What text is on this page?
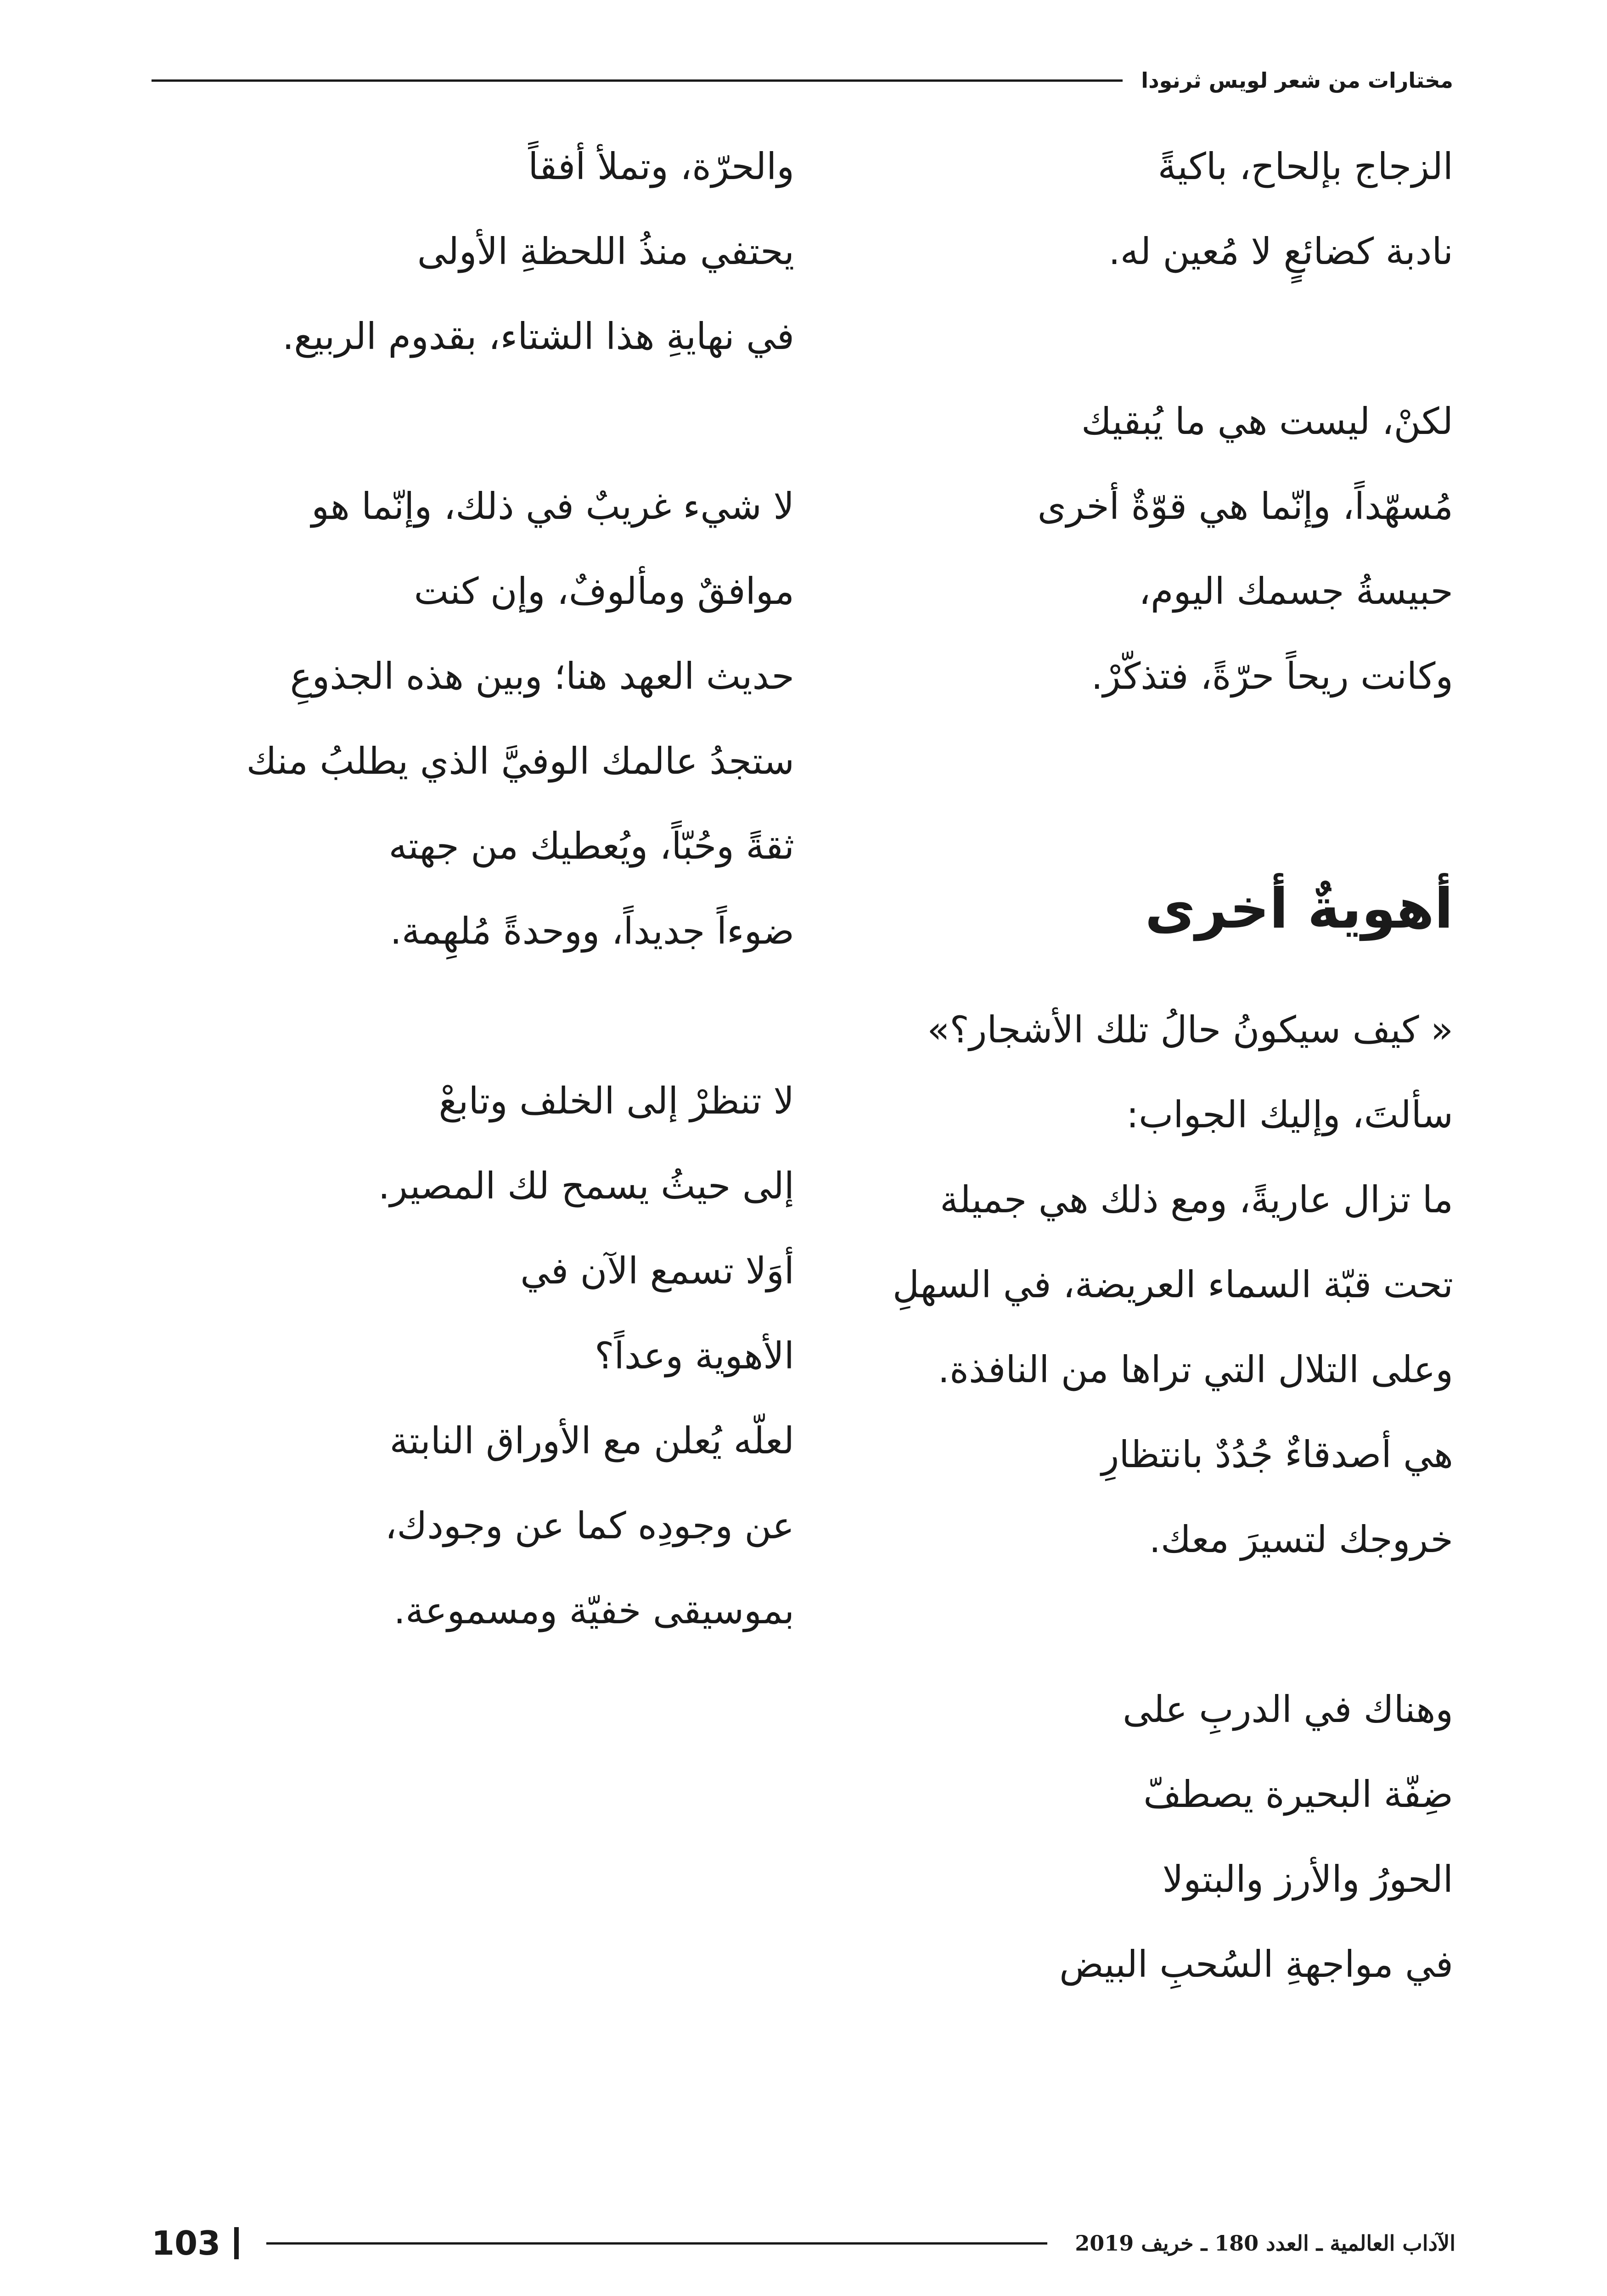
مختارات من شعر لويس ثرنودا
الزجاج بإلحاح، باكيةً
نادبة كضائعٍ لا مُعين له.
لكنْ، ليست هي ما يُبقيك
مُسهّداً، وإنّما هي قوّةٌ أخرى
حبيسةُ جسمك اليوم،
وكانت ريحاً حرّةً، فتذكّرْ.
أهويةٌ أخرى
« كيف سيكونُ حالُ تلك الأشجار؟»
سألتَ، وإليك الجواب:
ما تزال عاريةً، ومع ذلك هي جميلة
تحت قبّة السماء العريضة، في السهلِ
وعلى التلال التي تراها من النافذة.
هي أصدقاءٌ جُدُدٌ بانتظارِ
خروجك لتسيرَ معك.
وهناك في الدربِ على
ضِفّة البحيرة يصطفّ
الحورُ والأرز والبتولا
في مواجهةِ السُحبِ البيض
والحرّة، وتملأ أفقاً
يحتفي منذُ اللحظةِ الأولى
في نهايةِ هذا الشتاء، بقدوم الربيع.
لا شيء غريبٌ في ذلك، وإنّما هو
موافقٌ ومألوفٌ، وإن كنت
حديث العهد هنا؛ وبين هذه الجذوعِ
ستجدُ عالمك الوفيَّ الذي يطلبُ منك
ثقةً وحُبّاً، ويُعطيك من جهته
ضوءاً جديداً، ووحدةً مُلهِمة.
لا تنظرْ إلى الخلف وتابعْ
إلى حيثُ يسمح لك المصير.
أوَلا تسمع الآن في
الأهوية وعداً؟
لعلّه يُعلن مع الأوراق النابتة
عن وجودِه كما عن وجودك،
بموسيقى خفيّة ومسموعة.
الآداب العالمية ـ العدد 180 ـ خريف 2019
103
